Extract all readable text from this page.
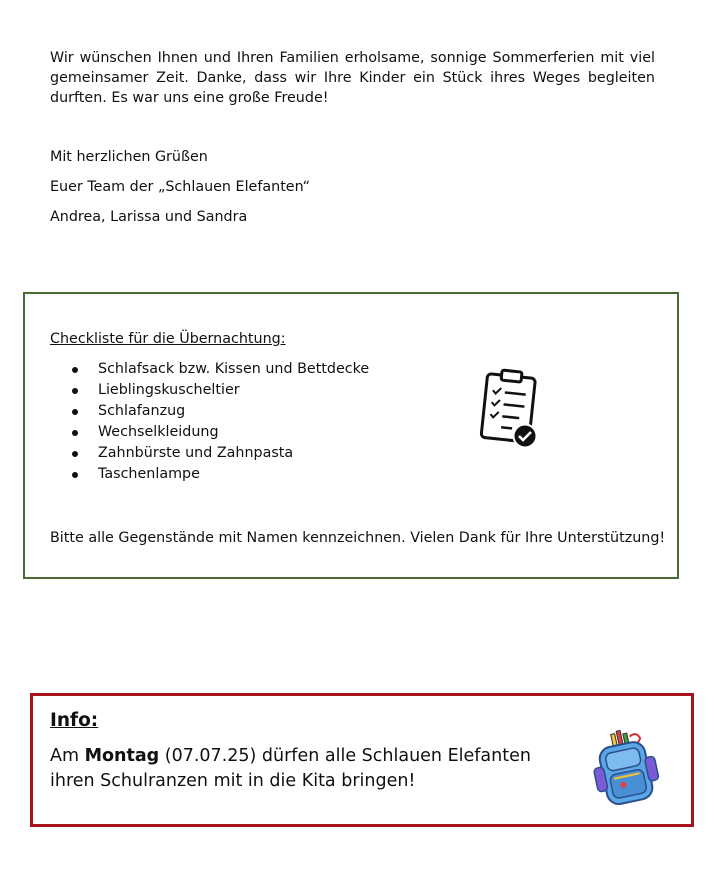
Wir wünschen Ihnen und Ihren Familien erholsame, sonnige Sommerferien mit viel gemeinsamer Zeit. Danke, dass wir Ihre Kinder ein Stück ihres Weges begleiten durften. Es war uns eine große Freude!

Mit herzlichen Grüßen

Euer Team der „Schlauen Elefanten“

Andrea, Larissa und Sandra

Checkliste für die Übernachtung:

Schlafsack bzw. Kissen und Bettdecke
Lieblingskuscheltier
Schlafanzug
Wechselkleidung
Zahnbürste und Zahnpasta
Taschenlampe

Bitte alle Gegenstände mit Namen kennzeichnen. Vielen Dank für Ihre Unterstützung!

Info:

Am Montag (07.07.25) dürfen alle Schlauen Elefanten ihren Schulranzen mit in die Kita bringen!
